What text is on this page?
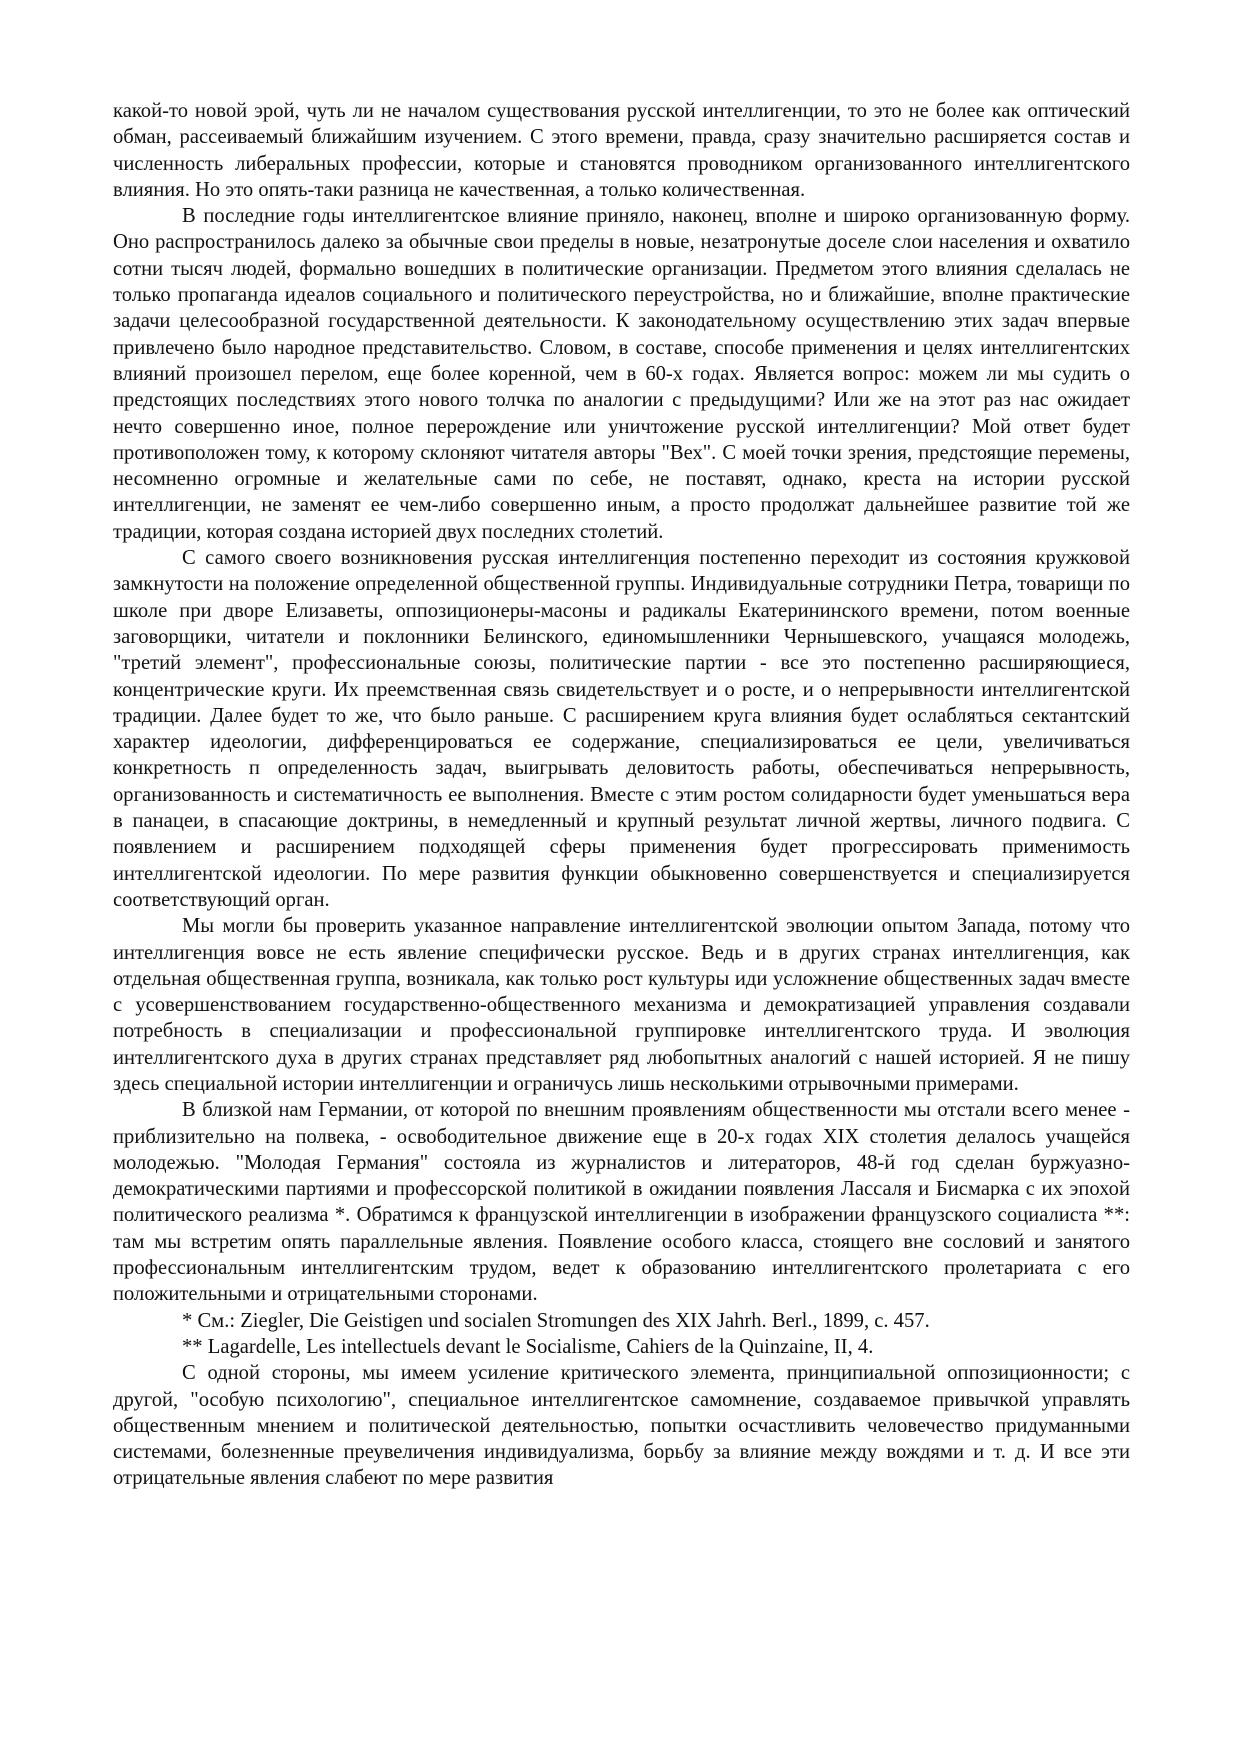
какой-то новой эрой, чуть ли не началом существования русской интеллигенции, то это не более как оптический обман, рассеиваемый ближайшим изучением. С этого времени, правда, сразу значительно расширяется состав и численность либеральных профессии, которые и становятся проводником организованного интеллигентского влияния. Но это опять-таки разница не качественная, а только количественная.

В последние годы интеллигентское влияние приняло, наконец, вполне и широко организованную форму. Оно распространилось далеко за обычные свои пределы в новые, незатронутые доселе слои населения и охватило сотни тысяч людей, формально вошедших в политические организации. Предметом этого влияния сделалась не только пропаганда идеалов социального и политического переустройства, но и ближайшие, вполне практические задачи целесообразной государственной деятельности. К законодательному осуществлению этих задач впервые привлечено было народное представительство. Словом, в составе, способе применения и целях интеллигентских влияний произошел перелом, еще более коренной, чем в 60-х годах. Является вопрос: можем ли мы судить о предстоящих последствиях этого нового толчка по аналогии с предыдущими? Или же на этот раз нас ожидает нечто совершенно иное, полное перерождение или уничтожение русской интеллигенции? Мой ответ будет противоположен тому, к которому склоняют читателя авторы "Вех". С моей точки зрения, предстоящие перемены, несомненно огромные и желательные сами по себе, не поставят, однако, креста на истории русской интеллигенции, не заменят ее чем-либо совершенно иным, а просто продолжат дальнейшее развитие той же традиции, которая создана историей двух последних столетий.

С самого своего возникновения русская интеллигенция постепенно переходит из состояния кружковой замкнутости на положение определенной общественной группы. Индивидуальные сотрудники Петра, товарищи по школе при дворе Елизаветы, оппозиционеры-масоны и радикалы Екатерининского времени, потом военные заговорщики, читатели и поклонники Белинского, единомышленники Чернышевского, учащаяся молодежь, "третий элемент", профессиональные союзы, политические партии - все это постепенно расширяющиеся, концентрические круги. Их преемственная связь свидетельствует и о росте, и о непрерывности интеллигентской традиции. Далее будет то же, что было раньше. С расширением круга влияния будет ослабляться сектантский характер идеологии, дифференцироваться ее содержание, специализироваться ее цели, увеличиваться конкретность п определенность задач, выигрывать деловитость работы, обеспечиваться непрерывность, организованность и систематичность ее выполнения. Вместе с этим ростом солидарности будет уменьшаться вера в панацеи, в спасающие доктрины, в немедленный и крупный результат личной жертвы, личного подвига. С появлением и расширением подходящей сферы применения будет прогрессировать применимость интеллигентской идеологии. По мере развития функции обыкновенно совершенствуется и специализируется соответствующий орган.

Мы могли бы проверить указанное направление интеллигентской эволюции опытом Запада, потому что интеллигенция вовсе не есть явление специфически русское. Ведь и в других странах интеллигенция, как отдельная общественная группа, возникала, как только рост культуры иди усложнение общественных задач вместе с усовершенствованием государственно-общественного механизма и демократизацией управления создавали потребность в специализации и профессиональной группировке интеллигентского труда. И эволюция интеллигентского духа в других странах представляет ряд любопытных аналогий с нашей историей. Я не пишу здесь специальной истории интеллигенции и ограничусь лишь несколькими отрывочными примерами.

В близкой нам Германии, от которой по внешним проявлениям общественности мы отстали всего менее - приблизительно на полвека, - освободительное движение еще в 20-х годах XIX столетия делалось учащейся молодежью. "Молодая Германия" состояла из журналистов и литераторов, 48-й год сделан буржуазно-демократическими партиями и профессорской политикой в ожидании появления Лассаля и Бисмарка с их эпохой политического реализма *. Обратимся к французской интеллигенции в изображении французского социалиста **: там мы встретим опять параллельные явления. Появление особого класса, стоящего вне сословий и занятого профессиональным интеллигентским трудом, ведет к образованию интеллигентского пролетариата с его положительными и отрицательными сторонами.

* См.: Ziegler, Die Geistigen und socialen Stromungen des XIX Jahrh. Berl., 1899, с. 457.

** Lagardelle, Les intellectuels devant le Socialisme, Cahiers de la Quinzaine, II, 4.

С одной стороны, мы имеем усиление критического элемента, принципиальной оппозиционности; с другой, "особую психологию", специальное интеллигентское самомнение, создаваемое привычкой управлять общественным мнением и политической деятельностью, попытки осчастливить человечество придуманными системами, болезненные преувеличения индивидуализма, борьбу за влияние между вождями и т. д. И все эти отрицательные явления слабеют по мере развития
